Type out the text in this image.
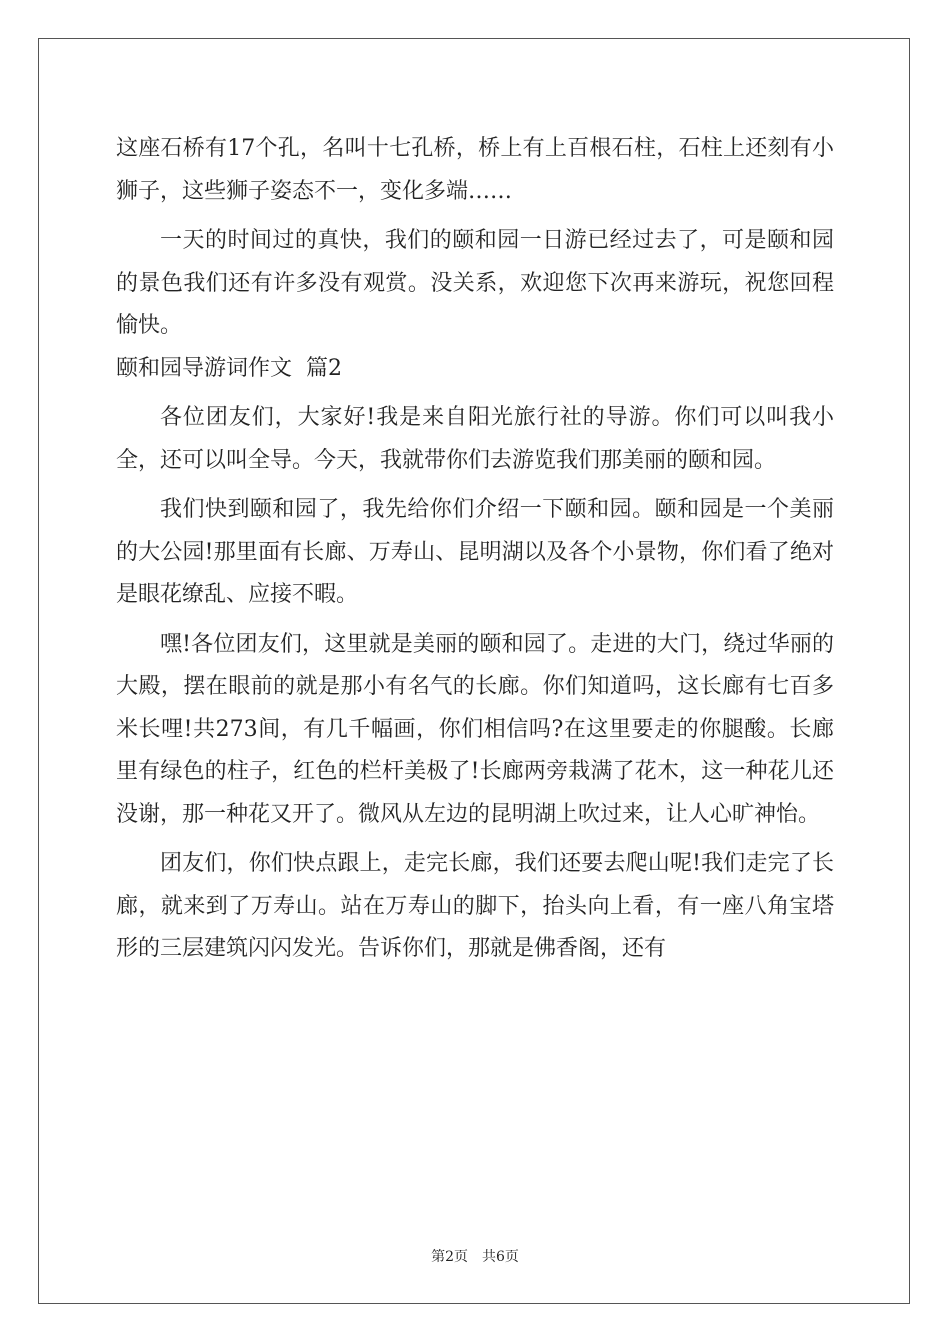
这座石桥有17个孔，名叫十七孔桥，桥上有上百根石柱，石柱上还刻有小狮子，这些狮子姿态不一，变化多端……

一天的时间过的真快，我们的颐和园一日游已经过去了，可是颐和园的景色我们还有许多没有观赏。没关系，欢迎您下次再来游玩，祝您回程愉快。

颐和园导游词作文  篇2

各位团友们，大家好!我是来自阳光旅行社的导游。你们可以叫我小全，还可以叫全导。今天，我就带你们去游览我们那美丽的颐和园。

我们快到颐和园了，我先给你们介绍一下颐和园。颐和园是一个美丽的大公园!那里面有长廊、万寿山、昆明湖以及各个小景物，你们看了绝对是眼花缭乱、应接不暇。

嘿!各位团友们，这里就是美丽的颐和园了。走进的大门，绕过华丽的大殿，摆在眼前的就是那小有名气的长廊。你们知道吗，这长廊有七百多米长哩!共273间，有几千幅画，你们相信吗?在这里要走的你腿酸。长廊里有绿色的柱子，红色的栏杆美极了!长廊两旁栽满了花木，这一种花儿还没谢，那一种花又开了。微风从左边的昆明湖上吹过来，让人心旷神怡。

团友们，你们快点跟上，走完长廊，我们还要去爬山呢!我们走完了长廊，就来到了万寿山。站在万寿山的脚下，抬头向上看，有一座八角宝塔形的三层建筑闪闪发光。告诉你们，那就是佛香阁，还有

第2页 共6页
